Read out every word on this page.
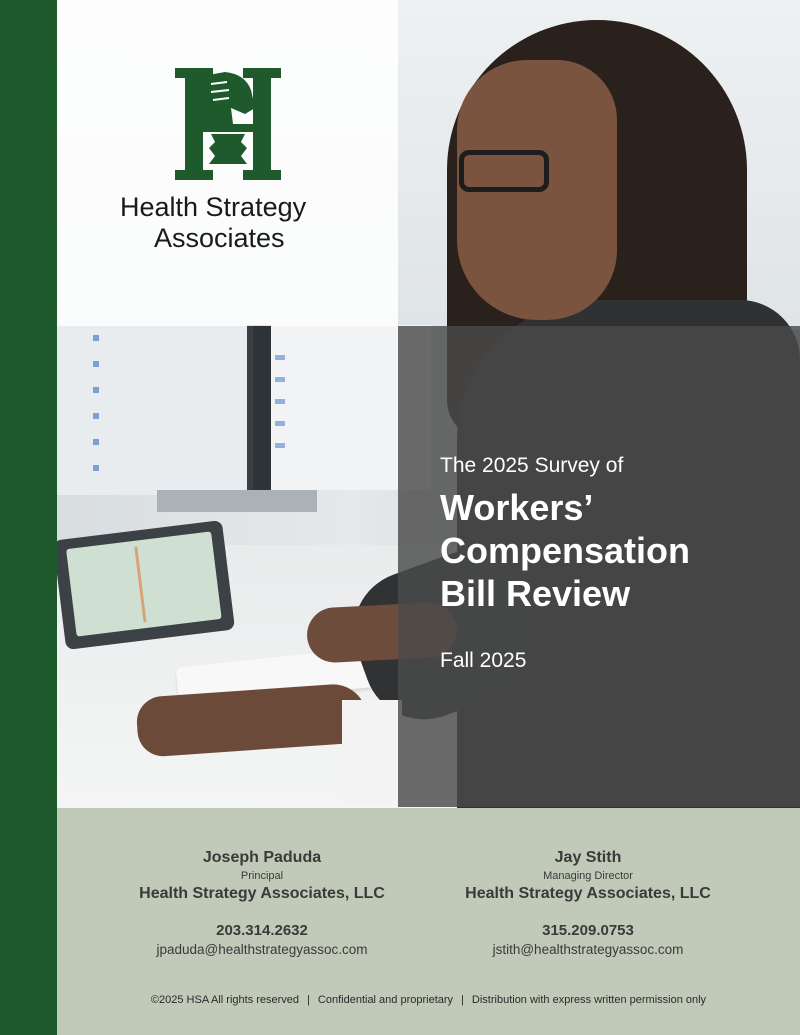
Health Strategy
Associates
The 2025 Survey of
Workers’
Compensation
Bill Review
Fall 2025
Joseph Paduda
Principal
Health Strategy Associates, LLC
203.314.2632
jpaduda@healthstrategyassoc.com
Jay Stith
Managing Director
Health Strategy Associates, LLC
315.209.0753
jstith@healthstrategyassoc.com
©2025 HSA All rights reserved | Confidential and proprietary | Distribution with express written permission only
